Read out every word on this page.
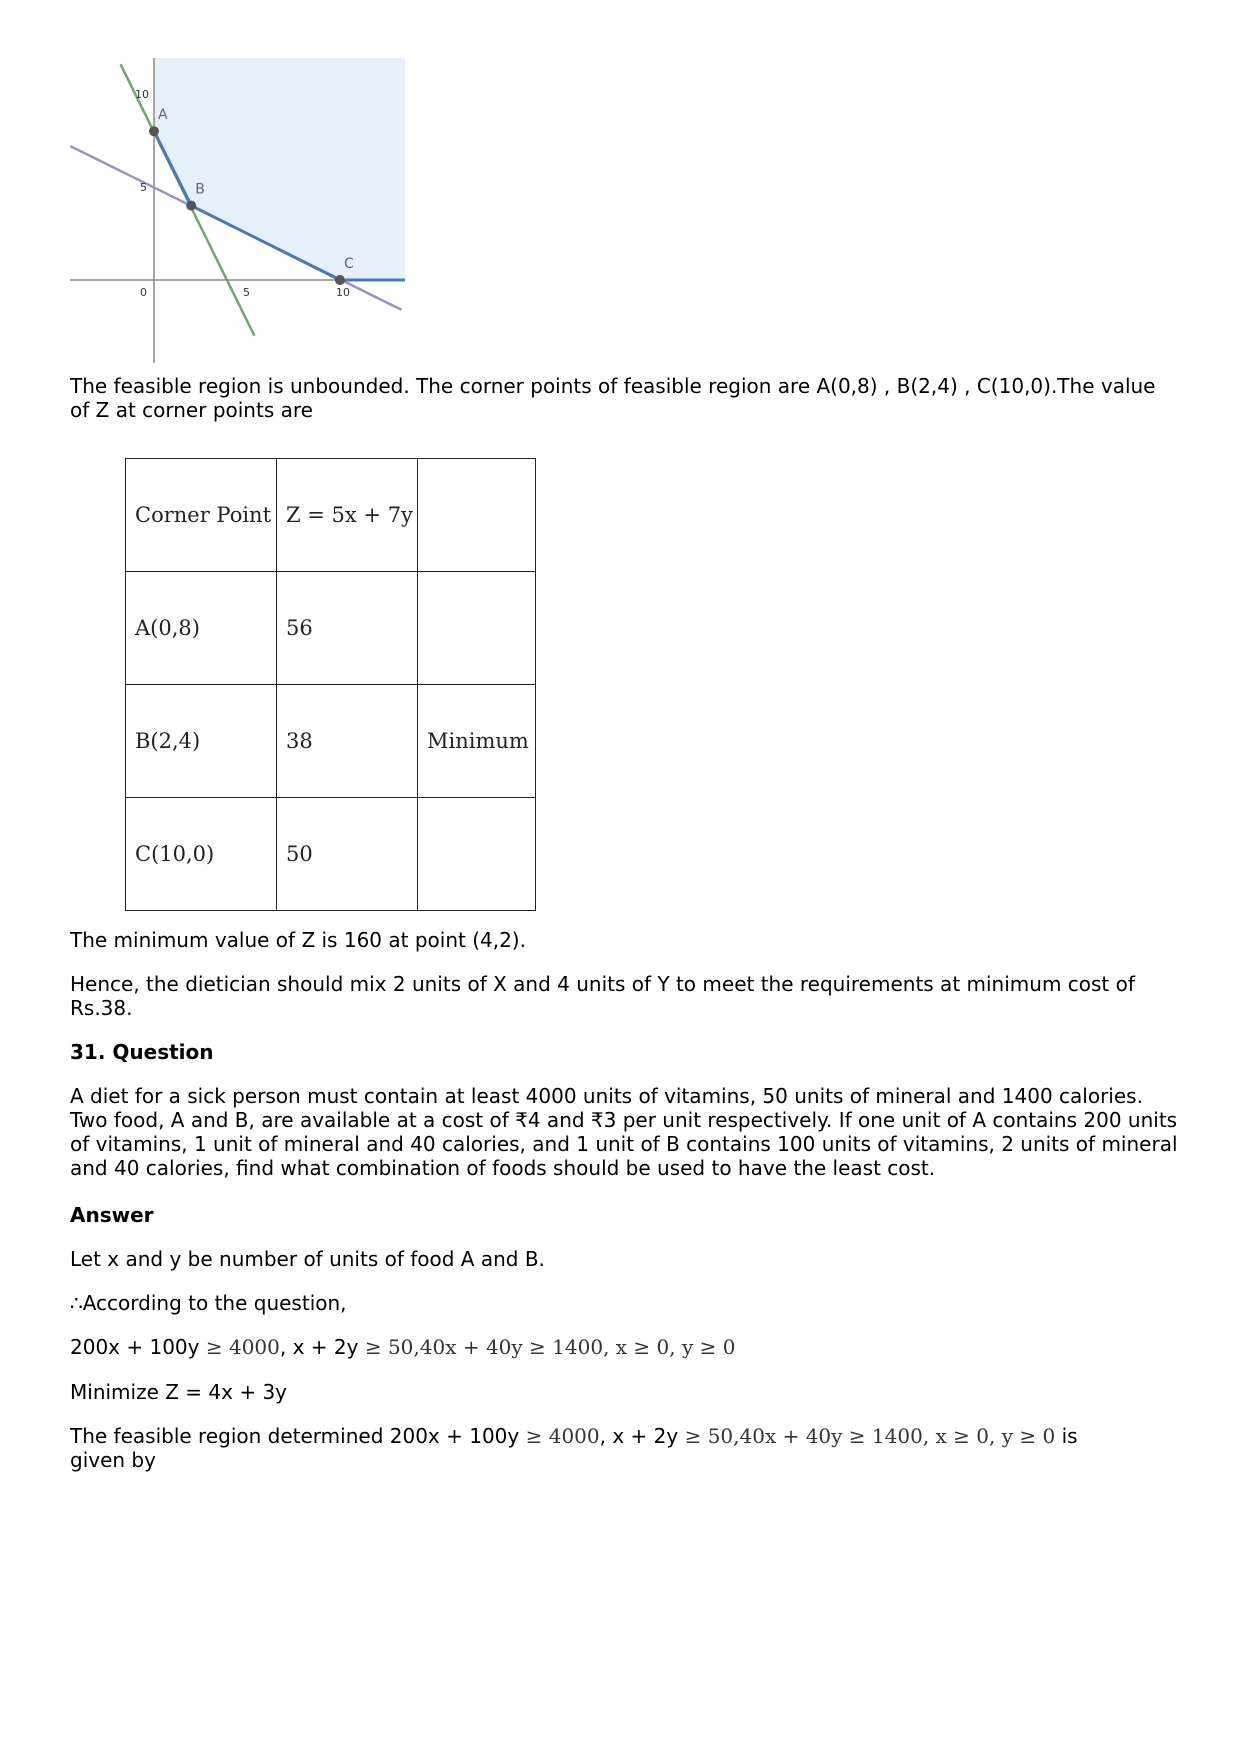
0	5	10
5
10
A
B
C

The feasible region is unbounded. The corner points of feasible region are A(0,8) , B(2,4) , C(10,0).The value of Z at corner points are

Corner Point	Z = 5x + 7y	
A(0,8)	56	
B(2,4)	38	Minimum
C(10,0)	50	

The minimum value of Z is 160 at point (4,2).

Hence, the dietician should mix 2 units of X and 4 units of Y to meet the requirements at minimum cost of Rs.38.

31. Question

A diet for a sick person must contain at least 4000 units of vitamins, 50 units of mineral and 1400 calories. Two food, A and B, are available at a cost of ₹4 and ₹3 per unit respectively. If one unit of A contains 200 units of vitamins, 1 unit of mineral and 40 calories, and 1 unit of B contains 100 units of vitamins, 2 units of mineral and 40 calories, find what combination of foods should be used to have the least cost.

Answer

Let x and y be number of units of food A and B.

∴According to the question,

200x + 100y ≥ 4000, x + 2y ≥ 50,40x + 40y ≥ 1400, x ≥ 0, y ≥ 0

Minimize Z = 4x + 3y

The feasible region determined 200x + 100y ≥ 4000, x + 2y ≥ 50,40x + 40y ≥ 1400, x ≥ 0, y ≥ 0 is
given by
